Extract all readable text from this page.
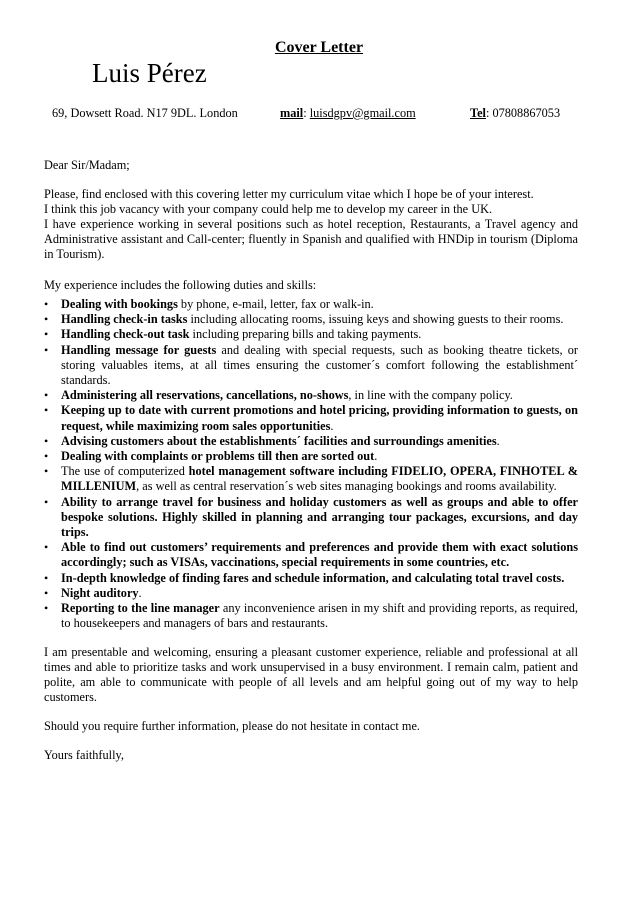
Cover Letter
Luis Pérez
69, Dowsett Road. N17 9DL. London	mail: luisdgpv@gmail.com	Tel: 07808867053

Dear Sir/Madam;

Please, find enclosed with this covering letter my curriculum vitae which I hope be of your interest.

I think this job vacancy with your company could help me to develop my career in the UK.

I have experience working in several positions such as hotel reception, Restaurants, a Travel agency and Administrative assistant and Call-center; fluently in Spanish and qualified with HNDip in tourism (Diploma in Tourism).

My experience includes the following duties and skills:

• Dealing with bookings by phone, e-mail, letter, fax or walk-in.
• Handling check-in tasks including allocating rooms, issuing keys and showing guests to their rooms.
• Handling check-out task including preparing bills and taking payments.
• Handling message for guests and dealing with special requests, such as booking theatre tickets, or storing valuables items, at all times ensuring the customer´s comfort following the establishment´ standards.
• Administering all reservations, cancellations, no-shows, in line with the company policy.
• Keeping up to date with current promotions and hotel pricing, providing information to guests, on request, while maximizing room sales opportunities.
• Advising customers about the establishments´ facilities and surroundings amenities.
• Dealing with complaints or problems till then are sorted out.
• The use of computerized hotel management software including FIDELIO, OPERA, FINHOTEL & MILLENIUM, as well as central reservation´s web sites managing bookings and rooms availability.
• Ability to arrange travel for business and holiday customers as well as groups and able to offer bespoke solutions. Highly skilled in planning and arranging tour packages, excursions, and day trips.
• Able to find out customers’ requirements and preferences and provide them with exact solutions accordingly; such as VISAs, vaccinations, special requirements in some countries, etc.
• In-depth knowledge of finding fares and schedule information, and calculating total travel costs.
• Night auditory.
• Reporting to the line manager any inconvenience arisen in my shift and providing reports, as required, to housekeepers and managers of bars and restaurants.

I am presentable and welcoming, ensuring a pleasant customer experience, reliable and professional at all times and able to prioritize tasks and work unsupervised in a busy environment. I remain calm, patient and polite, am able to communicate with people of all levels and am helpful going out of my way to help customers.

Should you require further information, please do not hesitate in contact me.

Yours faithfully,
